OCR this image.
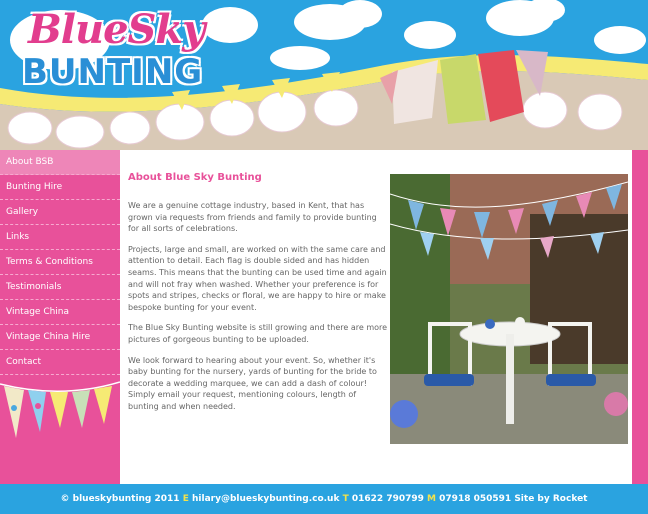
BlueSky
BUNTING
About BSB
Bunting Hire
Gallery
Links
Terms & Conditions
Testimonials
Vintage China
Vintage China Hire
Contact
About Blue Sky Bunting

We are a genuine cottage industry, based in Kent, that has grown via requests from friends and family to provide bunting for all sorts of celebrations.

Projects, large and small, are worked on with the same care and attention to detail. Each flag is double sided and has hidden seams. This means that the bunting can be used time and again and will not fray when washed. Whether your preference is for spots and stripes, checks or floral, we are happy to hire or make bespoke bunting for your event.

The Blue Sky Bunting website is still growing and there are more pictures of gorgeous bunting to be uploaded.

We look forward to hearing about your event. So, whether it's baby bunting for the nursery, yards of bunting for the bride to decorate a wedding marquee, we can add a dash of colour! Simply email your request, mentioning colours, length of bunting and when needed.

© blueskybunting 2011 E hilary@blueskybunting.co.uk T 01622 790799 M 07918 050591 Site by Rocket
